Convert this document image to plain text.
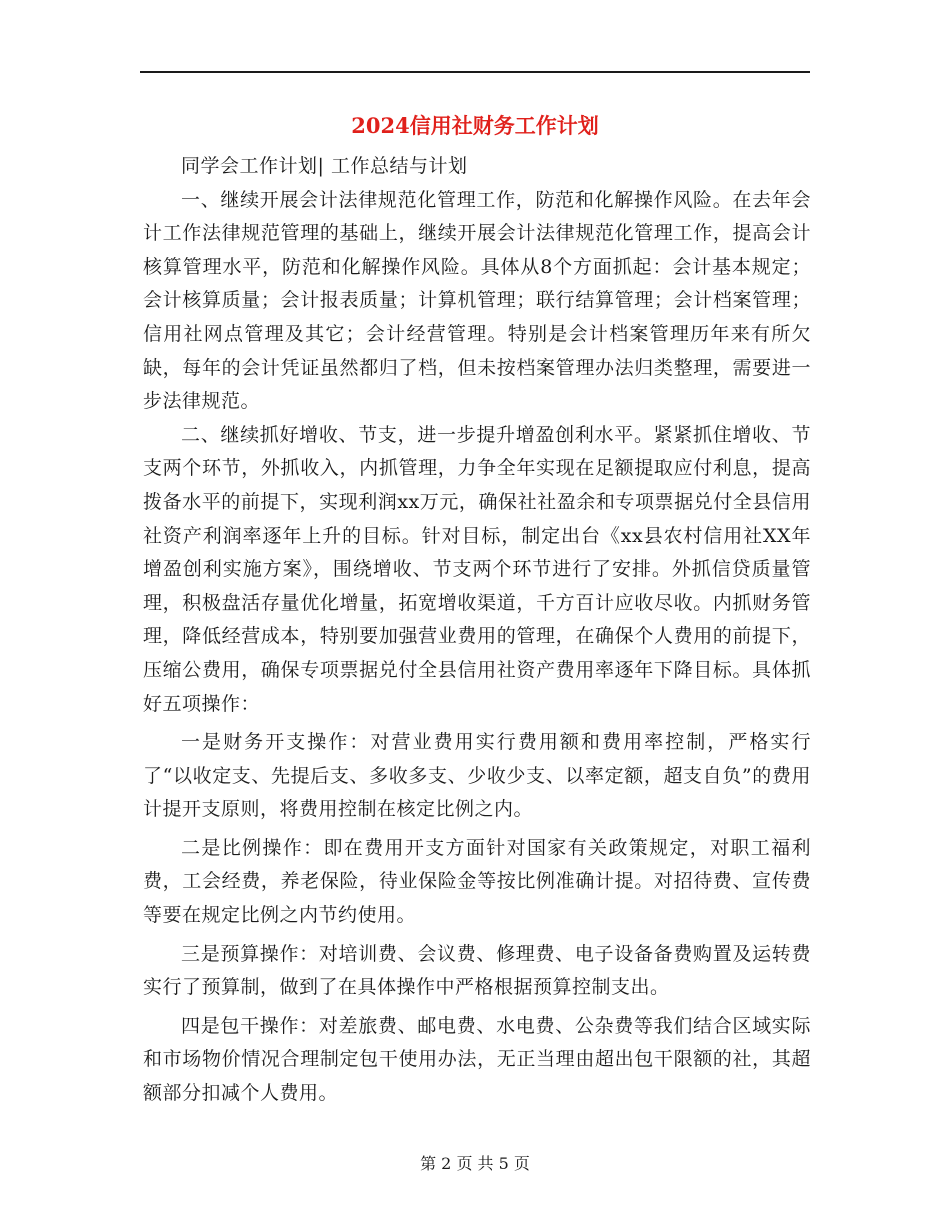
2024信用社财务工作计划

同学会工作计划| 工作总结与计划

一、继续开展会计法律规范化管理工作，防范和化解操作风险。在去年会计工作法律规范管理的基础上，继续开展会计法律规范化管理工作，提高会计核算管理水平，防范和化解操作风险。具体从8个方面抓起：会计基本规定；会计核算质量；会计报表质量；计算机管理；联行结算管理；会计档案管理；信用社网点管理及其它；会计经营管理。特别是会计档案管理历年来有所欠缺，每年的会计凭证虽然都归了档，但未按档案管理办法归类整理，需要进一步法律规范。

二、继续抓好增收、节支，进一步提升增盈创利水平。紧紧抓住增收、节支两个环节，外抓收入，内抓管理，力争全年实现在足额提取应付利息，提高拨备水平的前提下，实现利润xx万元，确保社社盈余和专项票据兑付全县信用社资产利润率逐年上升的目标。针对目标，制定出台《xx县农村信用社XX年增盈创利实施方案》，围绕增收、节支两个环节进行了安排。外抓信贷质量管理，积极盘活存量优化增量，拓宽增收渠道，千方百计应收尽收。内抓财务管理，降低经营成本，特别要加强营业费用的管理，在确保个人费用的前提下，压缩公费用，确保专项票据兑付全县信用社资产费用率逐年下降目标。具体抓好五项操作：

一是财务开支操作：对营业费用实行费用额和费用率控制，严格实行了“以收定支、先提后支、多收多支、少收少支、以率定额，超支自负”的费用计提开支原则，将费用控制在核定比例之内。

二是比例操作：即在费用开支方面针对国家有关政策规定，对职工福利费，工会经费，养老保险，待业保险金等按比例准确计提。对招待费、宣传费等要在规定比例之内节约使用。

三是预算操作：对培训费、会议费、修理费、电子设备备费购置及运转费实行了预算制，做到了在具体操作中严格根据预算控制支出。

四是包干操作：对差旅费、邮电费、水电费、公杂费等我们结合区域实际和市场物价情况合理制定包干使用办法，无正当理由超出包干限额的社，其超额部分扣减个人费用。

第 2 页 共 5 页
